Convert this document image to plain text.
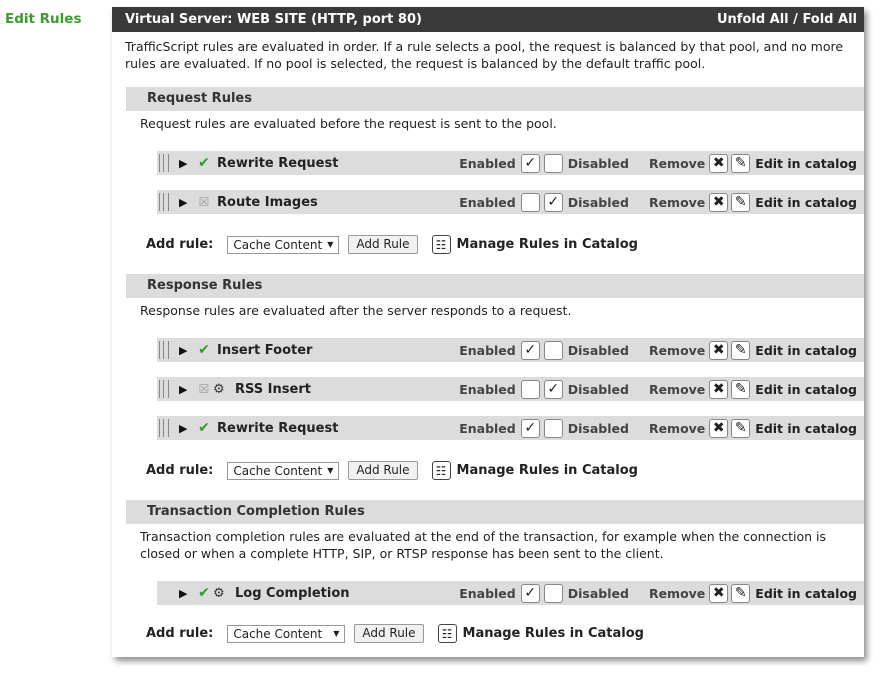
Edit Rules	Virtual Server: WEB SITE (HTTP, port 80)	Unfold All / Fold All
TrafficScript rules are evaluated in order. If a rule selects a pool, the request is balanced by that pool, and no more rules are evaluated. If no pool is selected, the request is balanced by the default traffic pool.
Request Rules
Request rules are evaluated before the request is sent to the pool.
Add rule: Cache Content ▼	Add Rule	☷ Manage Rules in Catalog
▶ ✔ Rewrite Request	Enabled ✓	Disabled Remove ✖ ✎ Edit in catalog
▶ ☒ Route Images	Enabled ✓ Disabled Remove ✖ ✎ Edit in catalog
Response Rules
Response rules are evaluated after the server responds to a request.
Add rule: Cache Content ▼	Add Rule	☷ Manage Rules in Catalog
▶ ✔ Insert Footer	Enabled ✓	Disabled Remove ✖ ✎ Edit in catalog
▶ ☒ ⚙ RSS Insert	Enabled ✓ Disabled Remove ✖ ✎ Edit in catalog
▶ ✔ Rewrite Request	Enabled ✓	Disabled Remove ✖ ✎ Edit in catalog
Transaction Completion Rules
Transaction completion rules are evaluated at the end of the transaction, for example when the connection is closed or when a complete HTTP, SIP, or RTSP response has been sent to the client.
Add rule: Cache Content ▼	Add Rule	☷ Manage Rules in Catalog
▶ ✔ ⚙ Log Completion	Enabled ✓	Disabled Remove ✖ ✎ Edit in catalog
